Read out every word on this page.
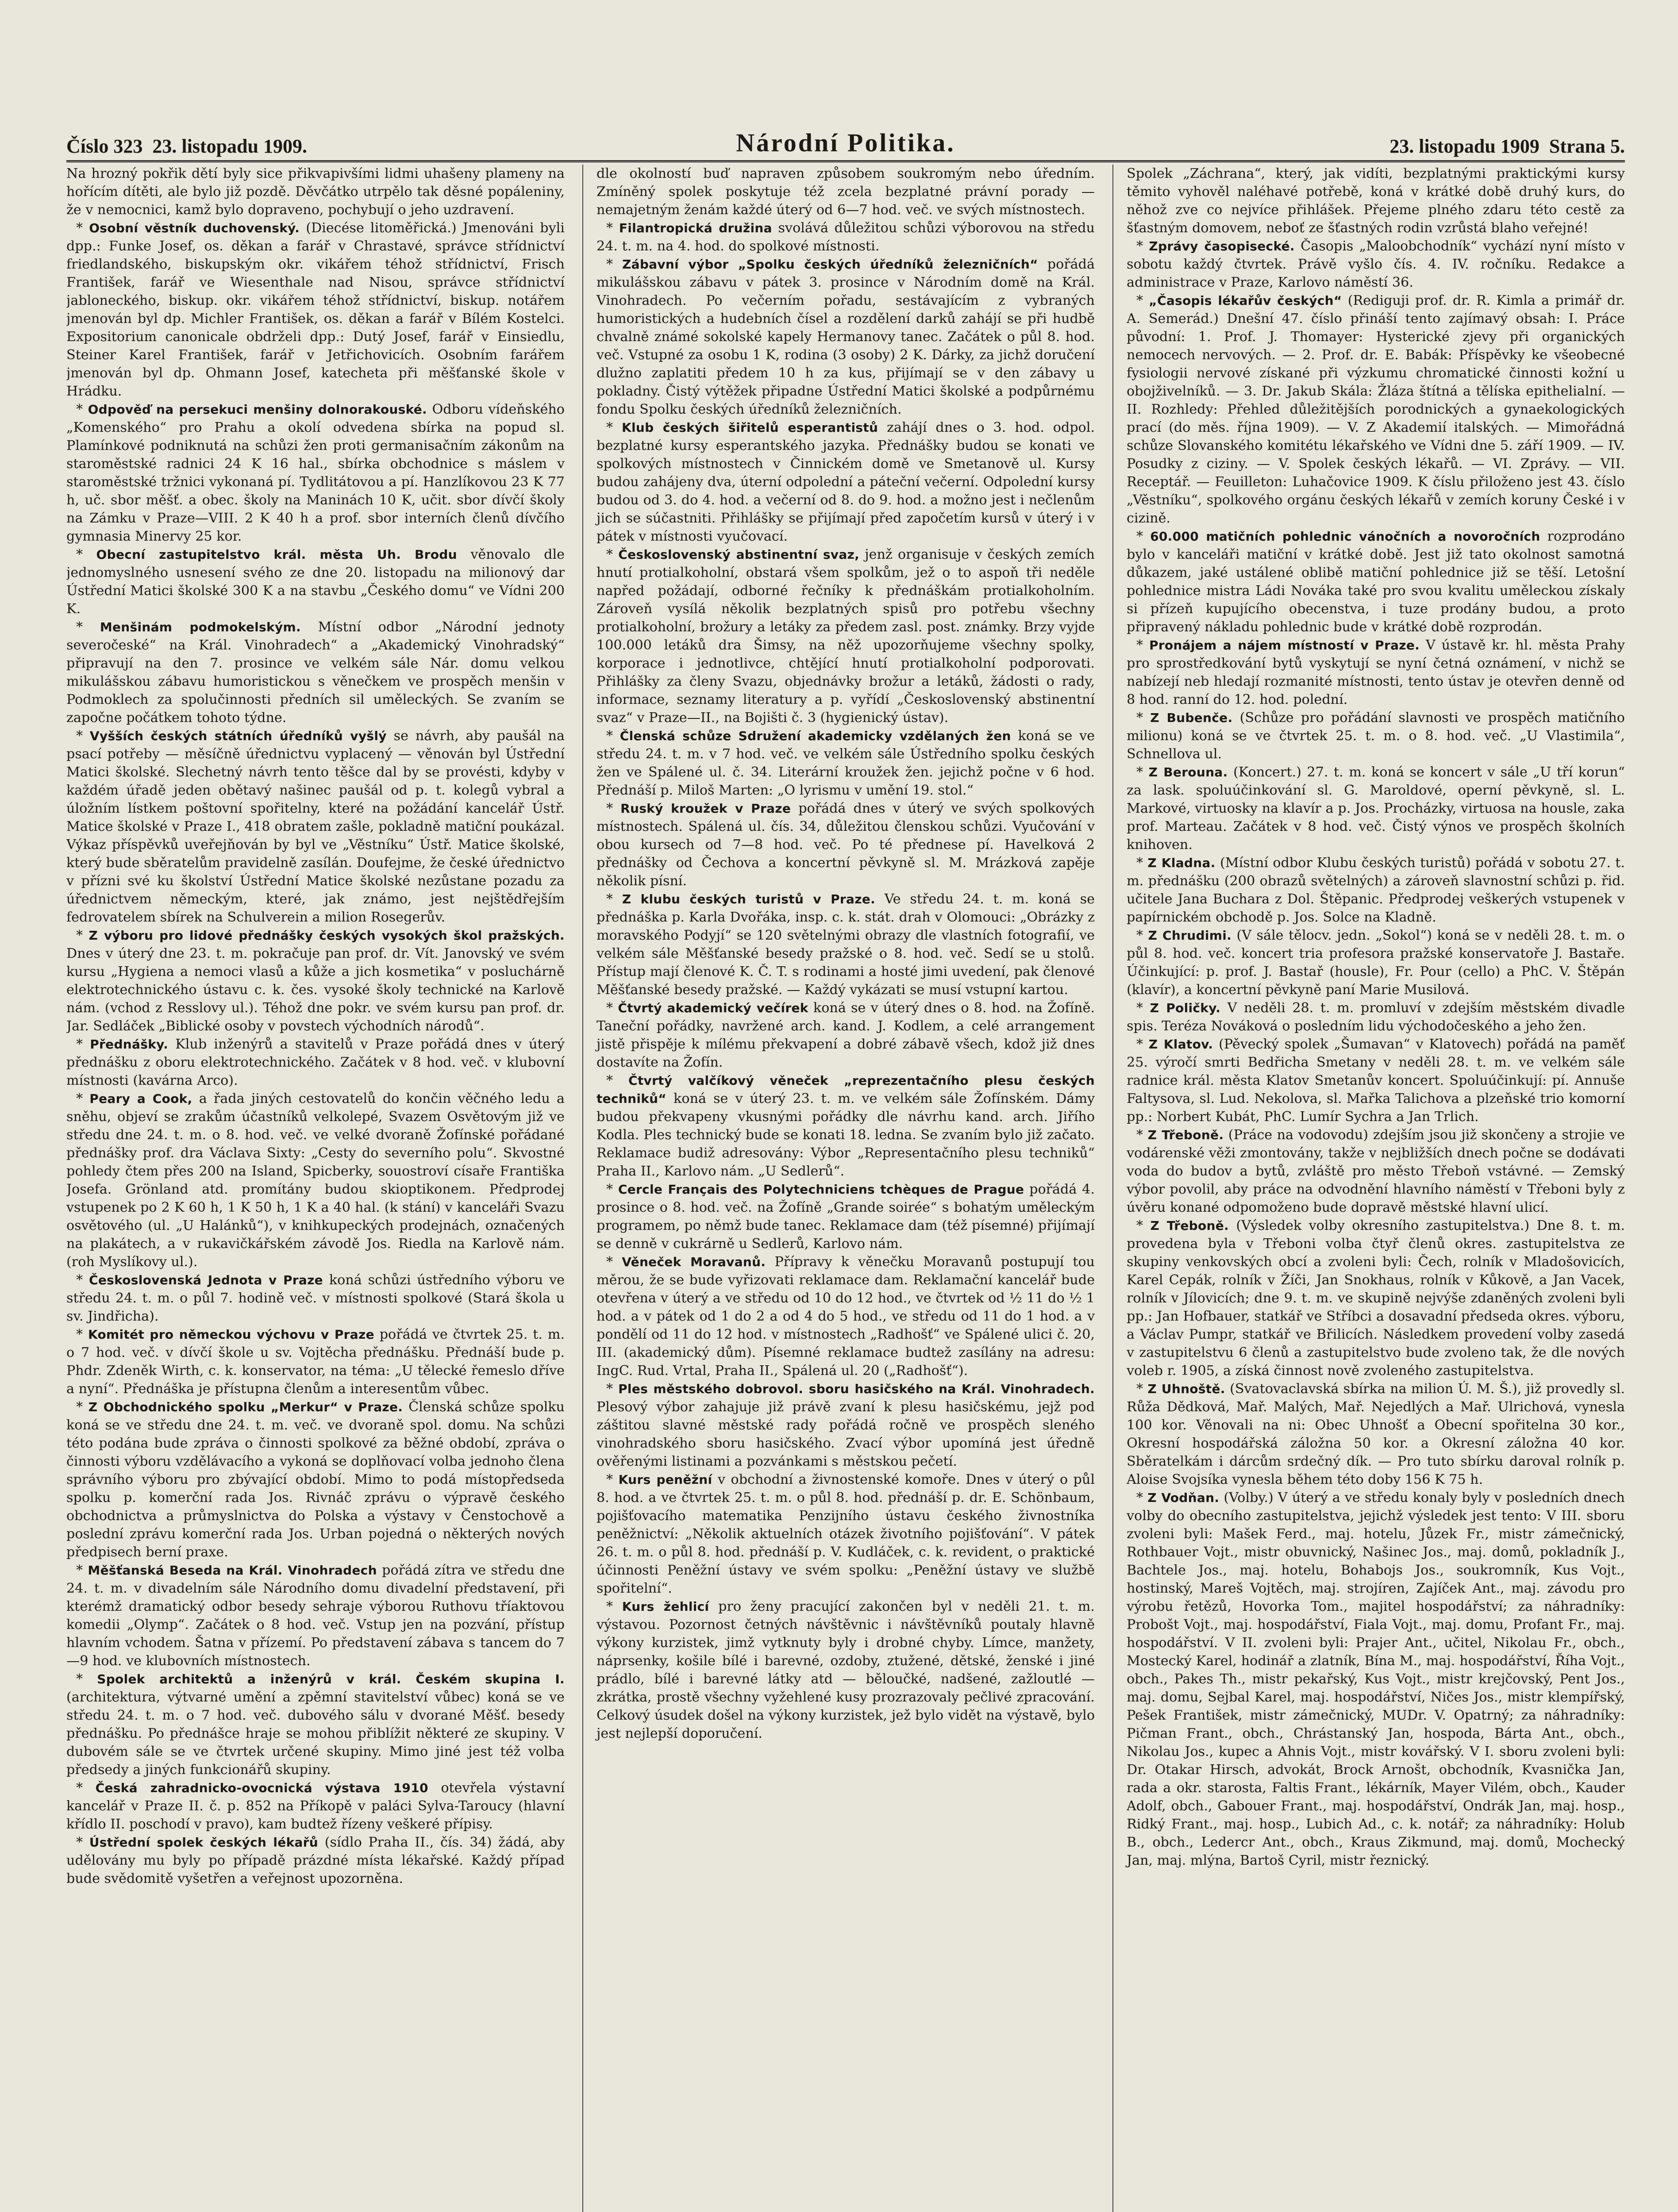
Číslo 323 23. listopadu 1909.	Národní Politika.	23. listopadu 1909 Strana 5.
Na hrozný pokřik dětí byly sice přikvapivšími lidmi uhašeny plameny na hořícím dítěti, ale bylo již pozdě. Děvčátko utrpělo tak děsné popáleniny, že v nemocnici, kamž bylo dopraveno, pochybují o jeho uzdravení.
* Osobní věstník duchovenský. (Diecése litoměřická.) Jmenováni byli dpp.: Funke Josef, os. děkan a farář v Chrastavé, správce střídnictví friedlandského, biskupským okr. vikářem téhož střídnictví, Frisch František, farář ve Wiesenthale nad Nisou, správce střídnictví jabloneckého, biskup. okr. vikářem téhož střídnictví, biskup. notářem jmenován byl dp. Michler František, os. děkan a farář v Bílém Kostelci. Expositorium canonicale obdrželi dpp.: Dutý Josef, farář v Einsiedlu, Steiner Karel František, farář v Jetřichovicích. Osobním farářem jmenován byl dp. Ohmann Josef, katecheta při měšťanské škole v Hrádku.
* Odpověď na persekuci menšiny dolnorakouské. Odboru vídeňského „Komenského“ pro Prahu a okolí odvedena sbírka na popud sl. Plamínkové podniknutá na schůzi žen proti germanisačním zákonům na staroměstské radnici 24 K 16 hal., sbírka obchodnice s máslem v staroměstské tržnici vykonaná pí. Tydlitátovou a pí. Hanzlíkovou 23 K 77 h, uč. sbor měšť. a obec. školy na Maninách 10 K, učit. sbor dívčí školy na Zámku v Praze—VIII. 2 K 40 h a prof. sbor interních členů dívčího gymnasia Minervy 25 kor.
* Obecní zastupitelstvo král. města Uh. Brodu věnovalo dle jednomyslného usnesení svého ze dne 20. listopadu na milionový dar Ústřední Matici školské 300 K a na stavbu „Českého domu“ ve Vídni 200 K.
* Menšinám podmokelským. Místní odbor „Národní jednoty severočeské“ na Král. Vinohradech“ a „Akademický Vinohradský“ připravují na den 7. prosince ve velkém sále Nár. domu velkou mikulášskou zábavu humoristickou s věnečkem ve prospěch menšin v Podmoklech za spolučinnosti předních sil uměleckých. Se zvaním se započne počátkem tohoto týdne.
* Vyšších českých státních úředníků vyšlý se návrh, aby paušál na psací potřeby — měsíčně úřednictvu vyplacený — věnován byl Ústřední Matici školské. Slechetný návrh tento těšce dal by se provésti, kdyby v každém úřadě jeden obětavý našinec paušál od p. t. kolegů vybral a úložním lístkem poštovní spořitelny, které na požádání kancelář Ústř. Matice školské v Praze I., 418 obratem zašle, pokladně matiční poukázal. Výkaz příspěvků uveřejňován by byl ve „Věstníku“ Ústř. Matice školské, který bude sběratelům pravidelně zasílán. Doufejme, že české úřednictvo v přízni své ku školství Ústřední Matice školské nezůstane pozadu za úřednictvem německým, které, jak známo, jest nejštědřejším fedrovatelem sbírek na Schulverein a milion Rosegerův.
* Z výboru pro lidové přednášky českých vysokých škol pražských. Dnes v úterý dne 23. t. m. pokračuje pan prof. dr. Vít. Janovský ve svém kursu „Hygiena a nemoci vlasů a kůže a jich kosmetika“ v posluchárně elektrotechnického ústavu c. k. čes. vysoké školy technické na Karlově nám. (vchod z Resslovy ul.). Téhož dne pokr. ve svém kursu pan prof. dr. Jar. Sedláček „Biblické osoby v povstech východních národů“.
* Přednášky. Klub inženýrů a stavitelů v Praze pořádá dnes v úterý přednášku z oboru elektrotechnického. Začátek v 8 hod. več. v klubovní místnosti (kavárna Arco).
* Peary a Cook, a řada jiných cestovatelů do končin věčného ledu a sněhu, objeví se zrakům účastníků velkolepé, Svazem Osvětovým již ve středu dne 24. t. m. o 8. hod. več. ve velké dvoraně Žofínské pořádané přednášky prof. dra Václava Sixty: „Cesty do severního polu“. Skvostné pohledy čtem přes 200 na Island, Spicberky, souostroví císaře Františka Josefa. Grönland atd. promítány budou skioptikonem. Předprodej vstupenek po 2 K 60 h, 1 K 50 h, 1 K a 40 hal. (k stání) v kanceláři Svazu osvětového (ul. „U Halánků“), v knihkupeckých prodejnách, označených na plakátech, a v rukavičkářském závodě Jos. Riedla na Karlově nám. (roh Myslíkovy ul.).
* Československá Jednota v Praze koná schůzi ústředního výboru ve středu 24. t. m. o půl 7. hodině več. v místnosti spolkové (Stará škola u sv. Jindřicha).
* Komitét pro německou výchovu v Praze pořádá ve čtvrtek 25. t. m. o 7 hod. več. v dívčí škole u sv. Vojtěcha přednášku. Přednáší bude p. Phdr. Zdeněk Wirth, c. k. konservator, na téma: „U tělecké řemeslo dříve a nyní“. Přednáška je přístupna členům a interesentům vůbec.
* Z Obchodnického spolku „Merkur“ v Praze. Členská schůze spolku koná se ve středu dne 24. t. m. več. ve dvoraně spol. domu. Na schůzi této podána bude zpráva o činnosti spolkové za běžné období, zpráva o činnosti výboru vzdělávacího a vykoná se doplňovací volba jednoho člena správního výboru pro zbývající období. Mimo to podá místopředseda spolku p. komerční rada Jos. Rivnáč zprávu o výpravě českého obchodnictva a průmyslnictva do Polska a výstavy v Čenstochově a poslední zprávu komerční rada Jos. Urban pojedná o některých nových předpisech berní praxe.
* Měšťanská Beseda na Král. Vinohradech pořádá zítra ve středu dne 24. t. m. v divadelním sále Národního domu divadelní představení, při kterémž dramatický odbor besedy sehraje výborou Ruthovu tříaktovou komedii „Olymp“. Začátek o 8 hod. več. Vstup jen na pozvání, přístup hlavním vchodem. Šatna v přízemí. Po představení zábava s tancem do 7—9 hod. ve klubovních místnostech.
* Spolek architektů a inženýrů v král. Českém skupina I. (architektura, výtvarné umění a zpěmní stavitelství vůbec) koná se ve středu 24. t. m. o 7 hod. več. dubového sálu v dvorané Měšť. besedy přednášku. Po přednášce hraje se mohou přiblížit některé ze skupiny. V dubovém sále se ve čtvrtek určené skupiny. Mimo jiné jest též volba předsedy a jiných funkcionářů skupiny.
* Česká zahradnicko-ovocnická výstava 1910 otevřela výstavní kancelář v Praze II. č. p. 852 na Příkopě v paláci Sylva-Taroucy (hlavní křídlo II. poschodí v pravo), kam budtež řízeny veškeré přípisy.
* Ústřední spolek českých lékařů (sídlo Praha II., čís. 34) žádá, aby udělovány mu byly po případě prázdné místa lékařské. Každý případ bude svědomitě vyšetřen a veřejnost upozorněna.
dle okolností buď napraven způsobem soukromým nebo úředním. Zmíněný spolek poskytuje též zcela bezplatné právní porady — nemajetným ženám každé úterý od 6—7 hod. več. ve svých místnostech.
* Filantropická družina svolává důležitou schůzi výborovou na středu 24. t. m. na 4. hod. do spolkové místnosti.
* Zábavní výbor „Spolku českých úředníků železničních“ pořádá mikulášskou zábavu v pátek 3. prosince v Národním domě na Král. Vinohradech. Po večerním pořadu, sestávajícím z vybraných humoristických a hudebních čísel a rozdělení darků zahájí se při hudbě chvalně známé sokolské kapely Hermanovy tanec. Začátek o půl 8. hod. več. Vstupné za osobu 1 K, rodina (3 osoby) 2 K. Dárky, za jichž doručení dlužno zaplatiti předem 10 h za kus, přijímají se v den zábavy u pokladny. Čistý výtěžek připadne Ústřední Matici školské a podpůrnému fondu Spolku českých úředníků železničních.
* Klub českých šiřitelů esperantistů zahájí dnes o 3. hod. odpol. bezplatné kursy esperantského jazyka. Přednášky budou se konati ve spolkových místnostech v Činnickém domě ve Smetanově ul. Kursy budou zahájeny dva, úterní odpolední a páteční večerní. Odpolední kursy budou od 3. do 4. hod. a večerní od 8. do 9. hod. a možno jest i nečlenům jich se súčastniti. Přihlášky se přijímají před započetím kursů v úterý i v pátek v místnosti vyučovací.
* Československý abstinentní svaz, jenž organisuje v českých zemích hnutí protialkoholní, obstará všem spolkům, jež o to aspoň tři neděle napřed požádají, odborné řečníky k přednáškám protialkoholním. Zároveň vysílá několik bezplatných spisů pro potřebu všechny protialkoholní, brožury a letáky za předem zasl. post. známky. Brzy vyjde 100.000 letáků dra Šimsy, na něž upozorňujeme všechny spolky, korporace i jednotlivce, chtějící hnutí protialkoholní podporovati. Přihlášky za členy Svazu, objednávky brožur a letáků, žádosti o rady, informace, seznamy literatury a p. vyřídí „Československý abstinentní svaz“ v Praze—II., na Bojišti č. 3 (hygienický ústav).
* Členská schůze Sdružení akademicky vzdělaných žen koná se ve středu 24. t. m. v 7 hod. več. ve velkém sále Ústředního spolku českých žen ve Spálené ul. č. 34. Literární kroužek žen. jejichž počne v 6 hod. Přednáší p. Miloš Marten: „O lyrismu v umění 19. stol.“
* Ruský kroužek v Praze pořádá dnes v úterý ve svých spolkových místnostech. Spálená ul. čís. 34, důležitou členskou schůzi. Vyučování v obou kursech od 7—8 hod. več. Po té přednese pí. Havelková 2 přednášky od Čechova a koncertní pěvkyně sl. M. Mrázková zapěje několik písní.
* Z klubu českých turistů v Praze. Ve středu 24. t. m. koná se přednáška p. Karla Dvořáka, insp. c. k. stát. drah v Olomouci: „Obrázky z moravského Podyjí“ se 120 světelnými obrazy dle vlastních fotografií, ve velkém sále Měšťanské besedy pražské o 8. hod. več. Sedí se u stolů. Přístup mají členové K. Č. T. s rodinami a hosté jimi uvedení, pak členové Měšťanské besedy pražské. — Každý vykázati se musí vstupní kartou.
* Čtvrtý akademický večírek koná se v úterý dnes o 8. hod. na Žofíně. Taneční pořádky, navržené arch. kand. J. Kodlem, a celé arrangement jistě přispěje k mílému překvapení a dobré zábavě všech, kdož již dnes dostavíte na Žofín.
* Čtvrtý valčíkový věneček „reprezentačního plesu českých techniků“ koná se v úterý 23. t. m. ve velkém sále Žofínském. Dámy budou překvapeny vkusnými pořádky dle návrhu kand. arch. Jiřího Kodla. Ples technický bude se konati 18. ledna. Se zvaním bylo již začato. Reklamace budiž adresovány: Výbor „Representačního plesu techniků“ Praha II., Karlovo nám. „U Sedlerů“.
* Cercle Français des Polytechniciens tchèques de Prague pořádá 4. prosince o 8. hod. več. na Žofíně „Grande soirée“ s bohatým uměleckým programem, po němž bude tanec. Reklamace dam (též písemné) přijímají se denně v cukrárně u Sedlerů, Karlovo nám.
* Věneček Moravanů. Přípravy k věnečku Moravanů postupují tou měrou, že se bude vyřizovati reklamace dam. Reklamační kancelář bude otevřena v úterý a ve středu od 10 do 12 hod., ve čtvrtek od ½ 11 do ½ 1 hod. a v pátek od 1 do 2 a od 4 do 5 hod., ve středu od 11 do 1 hod. a v pondělí od 11 do 12 hod. v místnostech „Radhošť“ ve Spálené ulici č. 20, III. (akademický dům). Písemné reklamace budtež zasílány na adresu: IngC. Rud. Vrtal, Praha II., Spálená ul. 20 („Radhošť“).
* Ples městského dobrovol. sboru hasičského na Král. Vinohradech. Plesový výbor zahajuje již právě zvaní k plesu hasičskému, jejž pod záštitou slavné městské rady pořádá ročně ve prospěch sleného vinohradského sboru hasičského. Zvací výbor upomíná jest úředně ověřenými listinami a pozvánkami s městskou pečetí.
* Kurs peněžní v obchodní a živnostenské komoře. Dnes v úterý o půl 8. hod. a ve čtvrtek 25. t. m. o půl 8. hod. přednáší p. dr. E. Schönbaum, pojišťovacího matematika Penzijního ústavu českého živnostníka peněžnictví: „Několik aktuelních otázek životního pojišťování“. V pátek 26. t. m. o půl 8. hod. přednáší p. V. Kudláček, c. k. revident, o praktické účinnosti Peněžní ústavy ve svém spolku: „Peněžní ústavy ve službě spořitelní“.
* Kurs žehlicí pro ženy pracující zakončen byl v neděli 21. t. m. výstavou. Pozornost četných návštěvnic i návštěvníků poutaly hlavně výkony kurzistek, jimž vytknuty byly i drobné chyby. Límce, manžety, náprsenky, košile bílé i barevné, ozdoby, ztužené, dětské, ženské i jiné prádlo, bílé i barevné látky atd — běloučké, nadšené, zažloutlé — zkrátka, prostě všechny vyžehlené kusy prozrazovaly pečlivé zpracování. Celkový úsudek došel na výkony kurzistek, jež bylo vidět na výstavě, bylo jest nejlepší doporučení.
Spolek „Záchrana“, který, jak vidíti, bezplatnými praktickými kursy těmito vyhověl naléhavé potřebě, koná v krátké době druhý kurs, do něhož zve co nejvíce přihlášek. Přejeme plného zdaru této cestě za šťastným domovem, neboť ze šťastných rodin vzrůstá blaho veřejné!
* Zprávy časopisecké. Časopis „Maloobchodník“ vychází nyní místo v sobotu každý čtvrtek. Právě vyšlo čís. 4. IV. ročníku. Redakce a administrace v Praze, Karlovo náměstí 36.
* „Časopis lékařův českých“ (Rediguji prof. dr. R. Kimla a primář dr. A. Semerád.) Dnešní 47. číslo přináší tento zajímavý obsah: I. Práce původní: 1. Prof. J. Thomayer: Hysterické zjevy při organických nemocech nervových. — 2. Prof. dr. E. Babák: Příspěvky ke všeobecné fysiologii nervové získané při výzkumu chromatické činnosti kožní u obojživelníků. — 3. Dr. Jakub Skála: Žláza štítná a tělíska epithelialní. — II. Rozhledy: Přehled důležitějších porodnických a gynaekologických prací (do měs. října 1909). — V. Z Akademií italských. — Mimořádná schůze Slovanského komitétu lékařského ve Vídni dne 5. září 1909. — IV. Posudky z ciziny. — V. Spolek českých lékařů. — VI. Zprávy. — VII. Receptář. — Feuilleton: Luhačovice 1909. K číslu přiloženo jest 43. číslo „Věstníku“, spolkového orgánu českých lékařů v zemích koruny České i v cizině.
* 60.000 matičních pohlednic vánočních a novoročních rozprodáno bylo v kanceláři matiční v krátké době. Jest již tato okolnost samotná důkazem, jaké ustálené oblibě matiční pohlednice již se těší. Letošní pohlednice mistra Ládi Nováka také pro svou kvalitu uměleckou získaly si přízeň kupujícího obecenstva, i tuze prodány budou, a proto připravený nákladu pohlednic bude v krátké době rozprodán.
* Pronájem a nájem místností v Praze. V ústavě kr. hl. města Prahy pro sprostředkování bytů vyskytují se nyní četná oznámení, v nichž se nabízejí neb hledají rozmanité místnosti, tento ústav je otevřen denně od 8 hod. ranní do 12. hod. polední.
* Z Bubenče. (Schůze pro pořádání slavnosti ve prospěch matičního milionu) koná se ve čtvrtek 25. t. m. o 8. hod. več. „U Vlastimila“, Schnellova ul.
* Z Berouna. (Koncert.) 27. t. m. koná se koncert v sále „U tří korun“ za lask. spoluúčinkování sl. G. Maroldové, operní pěvkyně, sl. L. Markové, virtuosky na klavír a p. Jos. Procházky, virtuosa na housle, zaka prof. Marteau. Začátek v 8 hod. več. Čistý výnos ve prospěch školních knihoven.
* Z Kladna. (Místní odbor Klubu českých turistů) pořádá v sobotu 27. t. m. přednášku (200 obrazů světelných) a zároveň slavnostní schůzi p. řid. učitele Jana Buchara z Dol. Štěpanic. Předprodej veškerých vstupenek v papírnickém obchodě p. Jos. Solce na Kladně.
* Z Chrudimi. (V sále tělocv. jedn. „Sokol“) koná se v neděli 28. t. m. o půl 8. hod. več. koncert tria profesora pražské konservatoře J. Bastaře. Účinkující: p. prof. J. Bastař (housle), Fr. Pour (cello) a PhC. V. Štěpán (klavír), a koncertní pěvkyně paní Marie Musilová.
* Z Poličky. V neděli 28. t. m. promluví v zdejším městském divadle spis. Terézа Nováková o posledním lidu východočeského a jeho žen.
* Z Klatov. (Pěvecký spolek „Šumavan“ v Klatovech) pořádá na paměť 25. výročí smrti Bedřicha Smetany v neděli 28. t. m. ve velkém sále radnice král. města Klatov Smetanův koncert. Spoluúčinkují: pí. Annuše Faltysova, sl. Lud. Nekolova, sl. Mařka Talichova a plzeňské trio komorní pp.: Norbert Kubát, PhC. Lumír Sychra a Jan Trlich.
* Z Třeboně. (Práce na vodovodu) zdejším jsou již skončeny a strojie ve vodárenské věži zmontovány, takže v nejbližších dnech počne se dodávati voda do budov a bytů, zvláště pro město Třeboň vstávné. — Zemský výbor povolil, aby práce na odvodnění hlavního náměstí v Třeboni byly z úvěru konané odpomoženo bude dopravě městské hlavní ulicí.
* Z Třeboně. (Výsledek volby okresního zastupitelstva.) Dne 8. t. m. provedena byla v Třeboni volba čtyř členů okres. zastupitelstva ze skupiny venkovských obcí a zvoleni byli: Čech, rolník v Mladošovicích, Karel Cepák, rolník v Žíči, Jan Snokhaus, rolník v Kůkově, a Jan Vacek, rolník v Jílovicích; dne 9. t. m. ve skupině nejvýše zdaněných zvoleni byli pp.: Jan Hofbauer, statkář ve Stříbci a dosavadní předseda okres. výboru, a Václav Pumpr, statkář ve Břilicích. Následkem provedení volby zasedá v zastupitelstvu 6 členů a zastupitelstvo bude zvoleno tak, že dle nových voleb r. 1905, a získá činnost nově zvoleného zastupitelstva.
* Z Uhnoště. (Svatovaclavská sbírka na milion Ú. M. Š.), již provedly sl. Růža Dědková, Mař. Malých, Mař. Nejedlých a Mař. Ulrichová, vynesla 100 kor. Věnovali na ni: Obec Uhnošť a Obecní spořitelna 30 kor., Okresní hospodářská záložna 50 kor. a Okresní záložna 40 kor. Sběratelkám i dárcům srdečný dík. — Pro tuto sbírku daroval rolník p. Aloise Svojsíka vynesla během této doby 156 K 75 h.
* Z Vodňan. (Volby.) V úterý a ve středu konaly byly v posledních dnech volby do obecního zastupitelstva, jejichž výsledek jest tento: V III. sboru zvoleni byli: Mašek Ferd., maj. hotelu, Jůzek Fr., mistr zámečnický, Rothbauer Vojt., mistr obuvnický, Našinec Jos., maj. domů, pokladník J., Bachtele Jos., maj. hotelu, Bohabojs Jos., soukromník, Kus Vojt., hostinský, Mareš Vojtěch, maj. strojíren, Zajíček Ant., maj. závodu pro výrobu řetězů, Hovorka Tom., majitel hospodářství; za náhradníky: Probošt Vojt., maj. hospodářství, Fiala Vojt., maj. domu, Profant Fr., maj. hospodářství. V II. zvoleni byli: Prajer Ant., učitel, Nikolau Fr., obch., Mostecký Karel, hodinář a zlatník, Bína M., maj. hospodářství, Říha Vojt., obch., Pakes Th., mistr pekařský, Kus Vojt., mistr krejčovský, Pent Jos., maj. domu, Sejbal Karel, maj. hospodářství, Ničes Jos., mistr klempířský, Pešek František, mistr zámečnický, MUDr. V. Opatrný; za náhradníky: Pičman Frant., obch., Chrástanský Jan, hospoda, Bárta Ant., obch., Nikolau Jos., kupec a Ahnis Vojt., mistr kovářský. V I. sboru zvoleni byli: Dr. Otakar Hirsch, advokát, Brock Arnošt, obchodník, Kvasnička Jan, rada a okr. starosta, Faltis Frant., lékárník, Mayer Vilém, obch., Kauder Adolf, obch., Gabouer Frant., maj. hospodářství, Ondrák Jan, maj. hosp., Ridký Frant., maj. hosp., Lubich Ad., c. k. notář; za náhradníky: Holub B., obch., Ledercr Ant., obch., Kraus Zikmund, maj. domů, Mochecký Jan, maj. mlýna, Bartoš Cyril, mistr řeznický.
